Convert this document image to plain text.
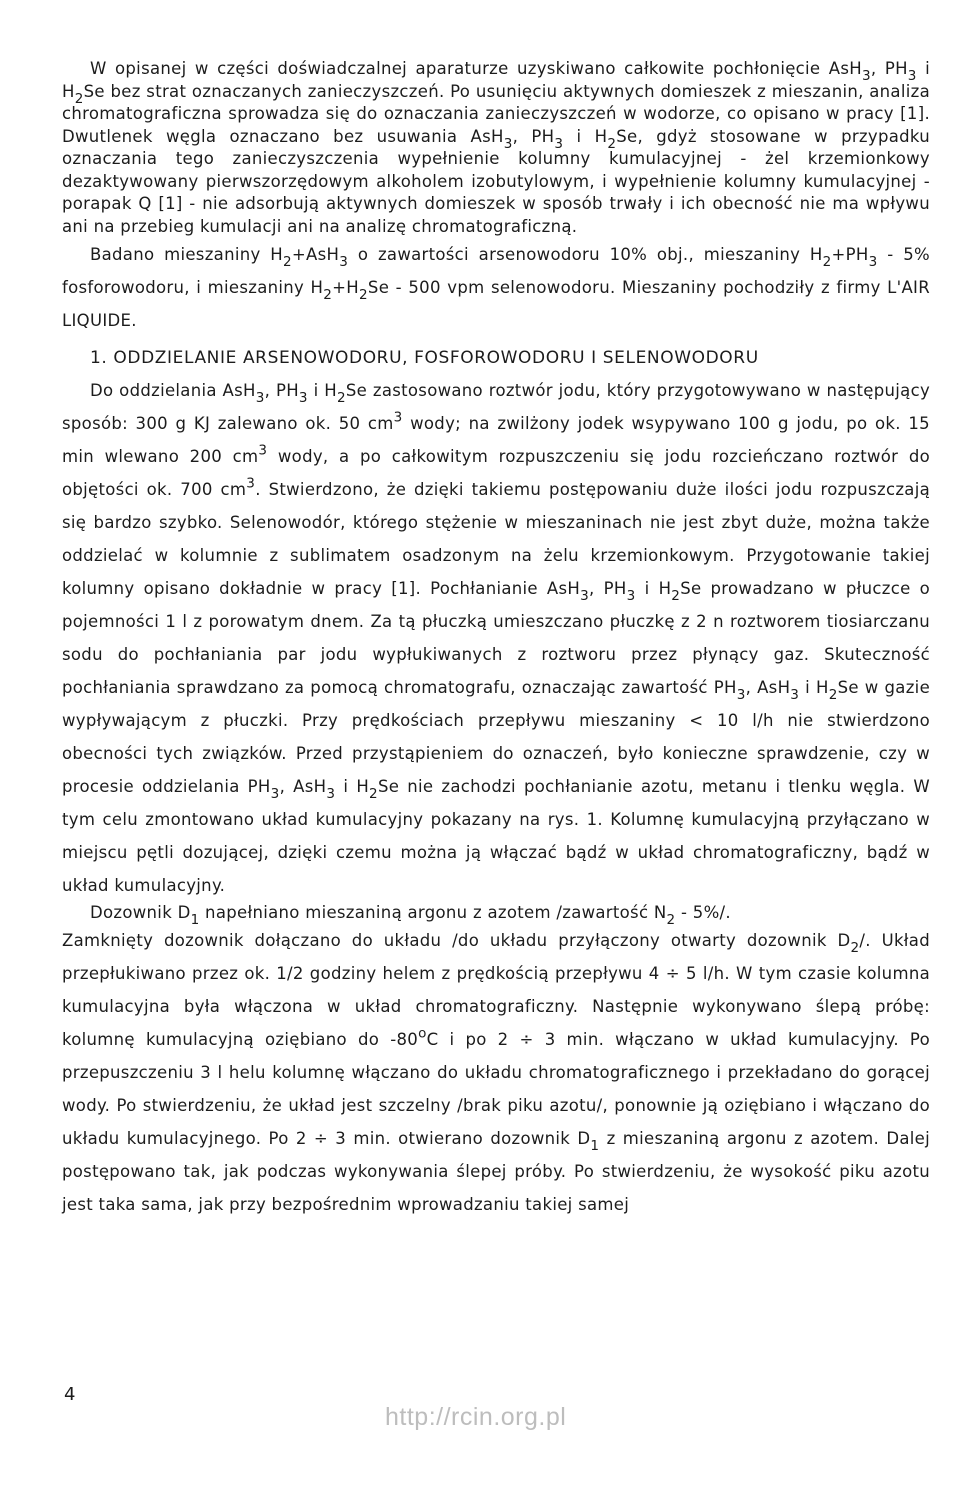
W opisanej w części doświadczalnej aparaturze uzyskiwano całkowite pochłonięcie AsH$_3$, $PH_3$ i $H_2Se$ bez strat oznaczanych zanieczyszczeń. Po usunięciu aktywnych domieszek z mieszanin, analiza chromatograficzna sprowadza się do oznaczania zanieczyszczeń w wodorze, co opisano w pracy [1]. Dwutlenek węgla oznaczano bez usuwania AsH$_3$, $PH_3$ i $H_2Se$, gdyż stosowane w przypadku oznaczania tego zanieczyszczenia wypełnienie kolumny kumulacyjnej - żel krzemionkowy dezaktywowany pierwszorzędowym alkoholem izobutylowym, i wypełnienie kolumny kumulacyjnej - porapak Q [1] - nie adsorbują aktywnych domieszek w sposób trwały i ich obecność nie ma wpływu ani na przebieg kumulacji ani na analizę chromatograficzną.

Badano mieszaniny $H_2+AsH_3$ o zawartości arsenowodoru 10% obj., mieszaniny $H_2+PH_3 - 5\%$ fosforowodoru, i mieszaniny $H_2+H_2Se - 500$ vpm selenowodoru. Mieszaniny pochodziły z firmy L'AIR LIQUIDE.

1. ODDZIELANIE ARSENOWODORU, FOSFOROWODORU I SELENOWODORU

Do oddzielania AsH$_3$, $PH_3$ i $H_2Se$ zastosowano roztwór jodu, który przygotowywano w następujący sposób: 300 g KJ zalewano ok. 50 $cm^3$ wody; na zwilżony jodek wsypywano 100 g jodu, po ok. 15 min wlewano 200 $cm^3$ wody, a po całkowitym rozpuszczeniu się jodu rozcieńczano roztwór do objętości ok. 700 $cm^3$. Stwierdzono, że dzięki takiemu postępowaniu duże ilości jodu rozpuszczają się bardzo szybko. Selenowodór, którego stężenie w mieszaninach nie jest zbyt duże, można także oddzielać w kolumnie z sublimatem osadzonym na żelu krzemionkowym. Przygotowanie takiej kolumny opisano dokładnie w pracy [1]. Pochłanianie AsH$_3$, $PH_3$ i $H_2Se$ prowadzano w płuczce o pojemności 1 l z porowatym dnem. Za tą płuczką umieszczano płuczkę z 2 n roztworem tiosiarczanu sodu do pochłaniania par jodu wypłukiwanych z roztworu przez płynący gaz. Skuteczność pochłaniania sprawdzano za pomocą chromatografu, oznaczając zawartość $PH_3$, AsH$_3$ i $H_2Se$ w gazie wypływającym z płuczki. Przy prędkościach przepływu mieszaniny < 10 l/h nie stwierdzono obecności tych związków. Przed przystąpieniem do oznaczeń, było konieczne sprawdzenie, czy w procesie oddzielania $PH_3$, AsH$_3$ i $H_2Se$ nie zachodzi pochłanianie azotu, metanu i tlenku węgla. W tym celu zmontowano układ kumulacyjny pokazany na rys. 1. Kolumnę kumulacyjną przyłączano w miejscu pętli dozującej, dzięki czemu można ją włączać bądź w układ chromatograficzny, bądź w układ kumulacyjny.

Dozownik $D_1$ napełniano mieszaniną argonu z azotem /zawartość $N_2 - 5\%/$.

Zamknięty dozownik dołączano do układu /do układu przyłączony otwarty dozownik $D_2/$. Układ przepłukiwano przez ok. 1/2 godziny helem z prędkością przepływu 4 ÷ 5 l/h. W tym czasie kolumna kumulacyjna była włączona w układ chromatograficzny. Następnie wykonywano ślepą próbę: kolumnę kumulacyjną oziębiano do -80$^o$C i po 2 ÷ 3 min. włączano w układ kumulacyjny. Po przepuszczeniu 3 l helu kolumnę włączano do układu chromatograficznego i przekładano do gorącej wody. Po stwierdzeniu, że układ jest szczelny /brak piku azotu/, ponownie ją oziębiano i włączano do układu kumulacyjnego. Po 2 ÷ 3 min. otwierano dozownik $D_1$ z mieszaniną argonu z azotem. Dalej postępowano tak, jak podczas wykonywania ślepej próby. Po stwierdzeniu, że wysokość piku azotu jest taka sama, jak przy bezpośrednim wprowadzaniu takiej samej

4
http://rcin.org.pl
